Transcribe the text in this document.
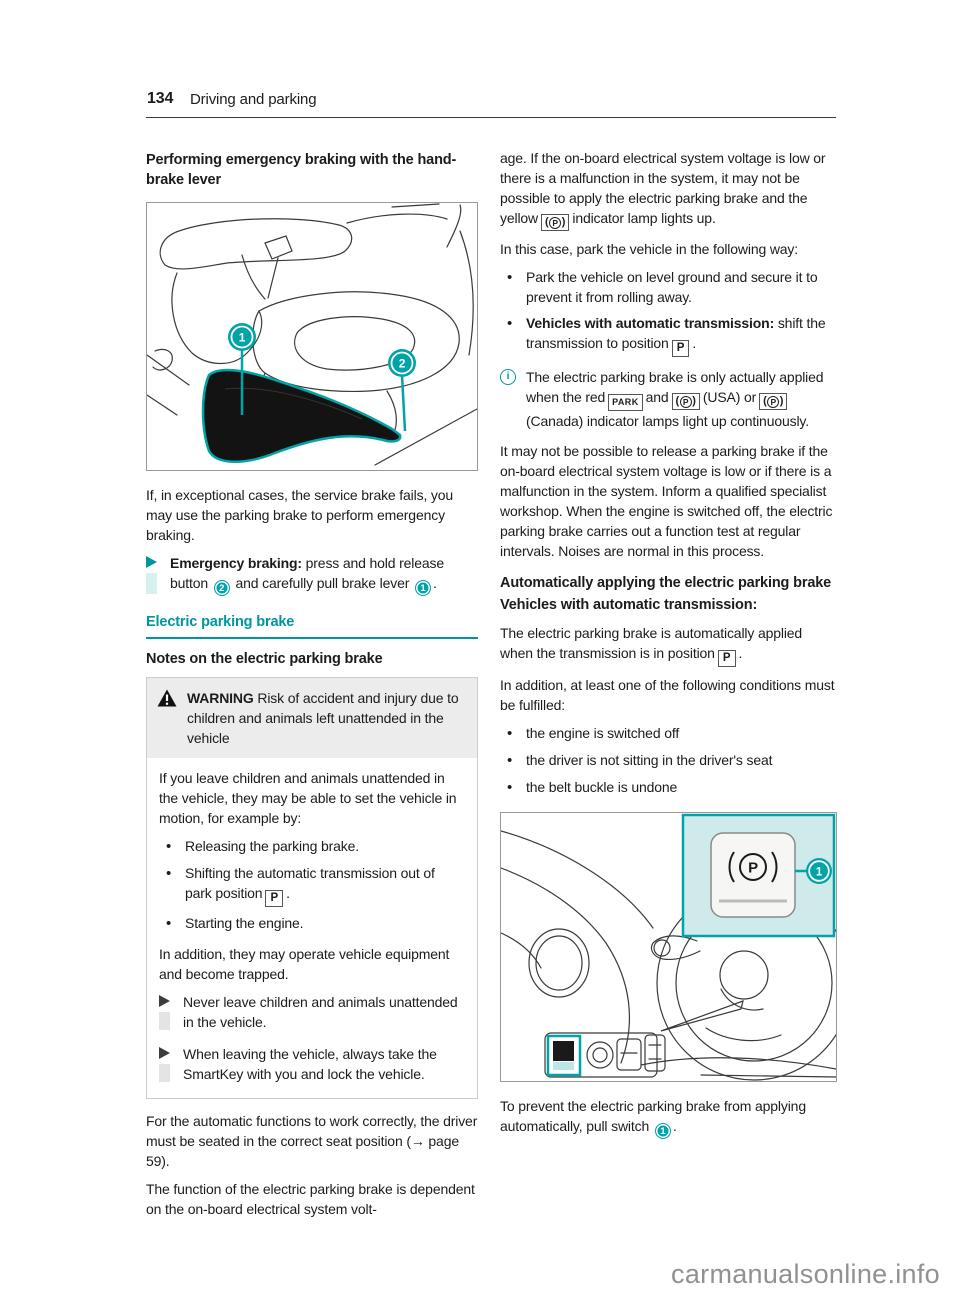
134 Driving and parking
Performing emergency braking with the hand-brake lever
1
2

If, in exceptional cases, the service brake fails, you may use the parking brake to perform emergency braking.

Emergency braking: press and hold release button 2 and carefully pull brake lever 1 .
Electric parking brake
Notes on the electric parking brake
WARNING Risk of accident and injury due to children and animals left unattended in the vehicle

If you leave children and animals unattended in the vehicle, they may be able to set the vehicle in motion, for example by:

•
Releasing the parking brake.
•
Shifting the automatic transmission out of park position P .
•
Starting the engine.

In addition, they may operate vehicle equipment and become trapped.

Never leave children and animals unattended in the vehicle.
When leaving the vehicle, always take the SmartKey with you and lock the vehicle.

For the automatic functions to work correctly, the driver must be seated in the correct seat position (→ page 59).

The function of the electric parking brake is dependent on the on-board electrical system volt-

age. If the on-board electrical system voltage is low or there is a malfunction in the system, it may not be possible to apply the electric parking brake and the yellow ( P ) indicator lamp lights up.

In this case, park the vehicle in the following way:

•
Park the vehicle on level ground and secure it to prevent it from rolling away.
•
Vehicles with automatic transmission: shift the transmission to position P .
i	The electric parking brake is only actually applied when the red PARK and ( P ) (USA) or ( P )(Canada) indicator lamps light up continuously.

It may not be possible to release a parking brake if the on-board electrical system voltage is low or if there is a malfunction in the system. Inform a qualified specialist workshop. When the engine is switched off, the electric parking brake carries out a function test at regular intervals. Noises are normal in this process.

Automatically applying the electric parking brake
Vehicles with automatic transmission:

The electric parking brake is automatically applied when the transmission is in position P .

In addition, at least one of the following conditions must be fulfilled:

•
the engine is switched off
•
the driver is not sitting in the driver's seat
•
the belt buckle is undone
P	1

To prevent the electric parking brake from applying automatically, pull switch 1 .

carmanualsonline.info
